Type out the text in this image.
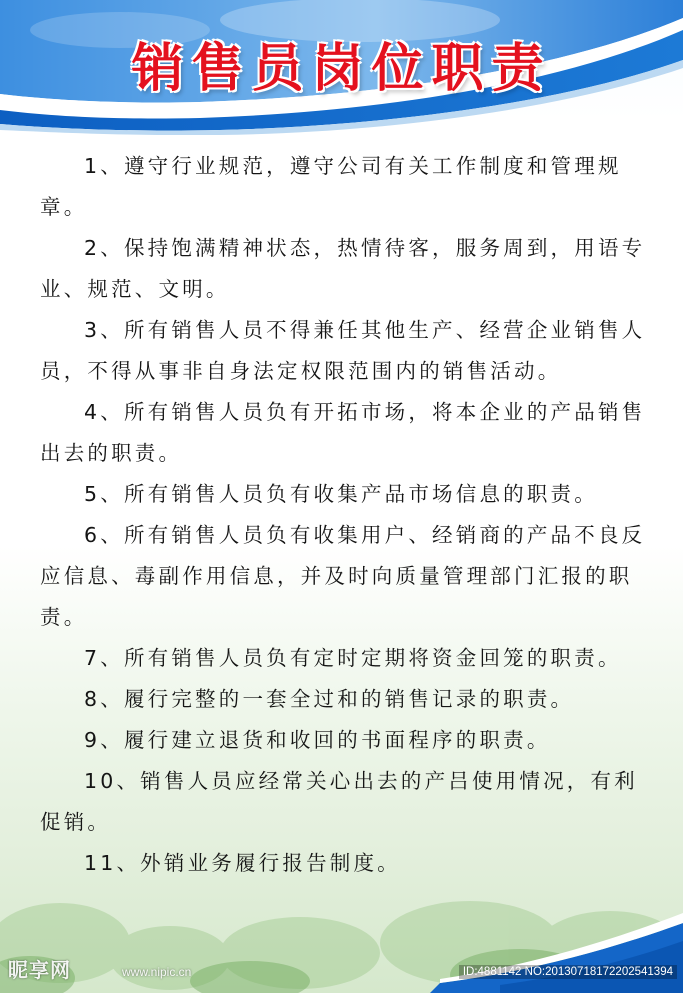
销售员岗位职责

1、遵守行业规范，遵守公司有关工作制度和管理规章。

2、保持饱满精神状态，热情待客，服务周到，用语专业、规范、文明。

3、所有销售人员不得兼任其他生产、经营企业销售人员，不得从事非自身法定权限范围内的销售活动。

4、所有销售人员负有开拓市场，将本企业的产品销售出去的职责。

5、所有销售人员负有收集产品市场信息的职责。

6、所有销售人员负有收集用户、经销商的产品不良反应信息、毒副作用信息，并及时向质量管理部门汇报的职责。

7、所有销售人员负有定时定期将资金回笼的职责。

8、履行完整的一套全过和的销售记录的职责。

9、履行建立退货和收回的书面程序的职责。

10、销售人员应经常关心出去的产吕使用情况，有利促销。

11、外销业务履行报告制度。

昵享网	www.nipic.cn	ID:4881142 NO:20130718172202541394
